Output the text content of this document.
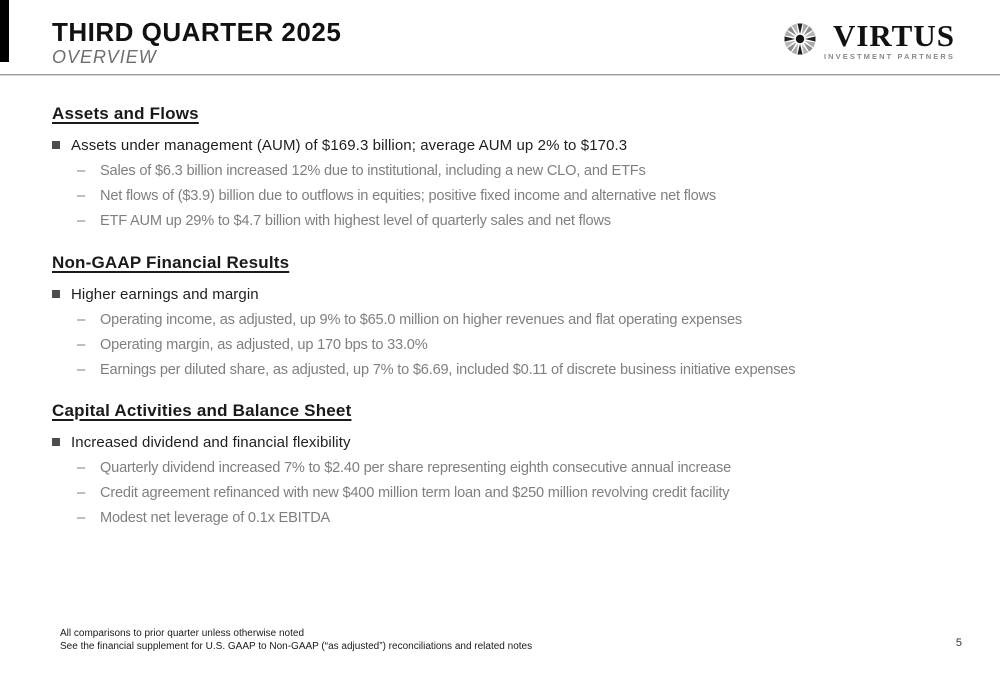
THIRD QUARTER 2025
OVERVIEW
VIRTUS
INVESTMENT PARTNERS
Assets and Flows
Assets under management (AUM) of $169.3 billion; average AUM up 2% to $170.3
–	Sales of $6.3 billion increased 12% due to institutional, including a new CLO, and ETFs
–	Net flows of ($3.9) billion due to outflows in equities; positive fixed income and alternative net flows
–	ETF AUM up 29% to $4.7 billion with highest level of quarterly sales and net flows
Non-GAAP Financial Results
Higher earnings and margin
–	Operating income, as adjusted, up 9% to $65.0 million on higher revenues and flat operating expenses
–	Operating margin, as adjusted, up 170 bps to 33.0%
–	Earnings per diluted share, as adjusted, up 7% to $6.69, included $0.11 of discrete business initiative expenses
Capital Activities and Balance Sheet
Increased dividend and financial flexibility
–	Quarterly dividend increased 7% to $2.40 per share representing eighth consecutive annual increase
–	Credit agreement refinanced with new $400 million term loan and $250 million revolving credit facility
–	Modest net leverage of 0.1x EBITDA
All comparisons to prior quarter unless otherwise noted
See the financial supplement for U.S. GAAP to Non-GAAP (“as adjusted”) reconciliations and related notes	5
